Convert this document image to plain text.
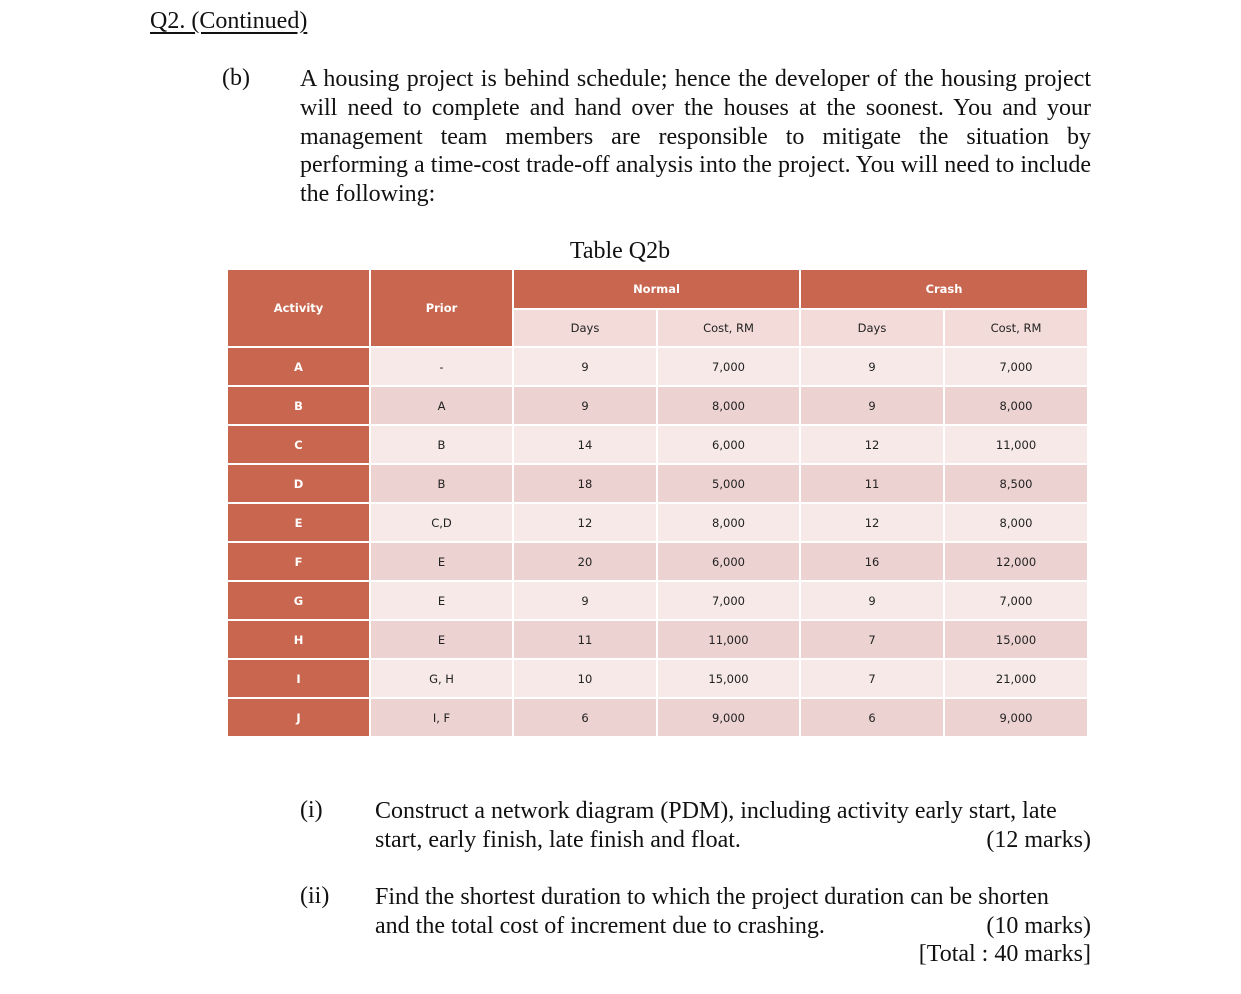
Q2. (Continued)
(b) A housing project is behind schedule; hence the developer of the housing project will need to complete and hand over the houses at the soonest. You and your management team members are responsible to mitigate the situation by performing a time-cost trade-off analysis into the project. You will need to include the following:
Table Q2b
Activity	Prior	Normal		Crash	
		Days	Cost, RM	Days	Cost, RM
A	-	9	7,000	9	7,000
B	A	9	8,000	9	8,000
C	B	14	6,000	12	11,000
D	B	18	5,000	11	8,500
E	C,D	12	8,000	12	8,000
F	E	20	6,000	16	12,000
G	E	9	7,000	9	7,000
H	E	11	11,000	7	15,000
I	G, H	10	15,000	7	21,000
J	I, F	6	9,000	6	9,000
(i) Construct a network diagram (PDM), including activity early start, late
start, early finish, late finish and float.	(12 marks)
(ii) Find the shortest duration to which the project duration can be shorten
and the total cost of increment due to crashing.	(10 marks)
[Total : 40 marks]
